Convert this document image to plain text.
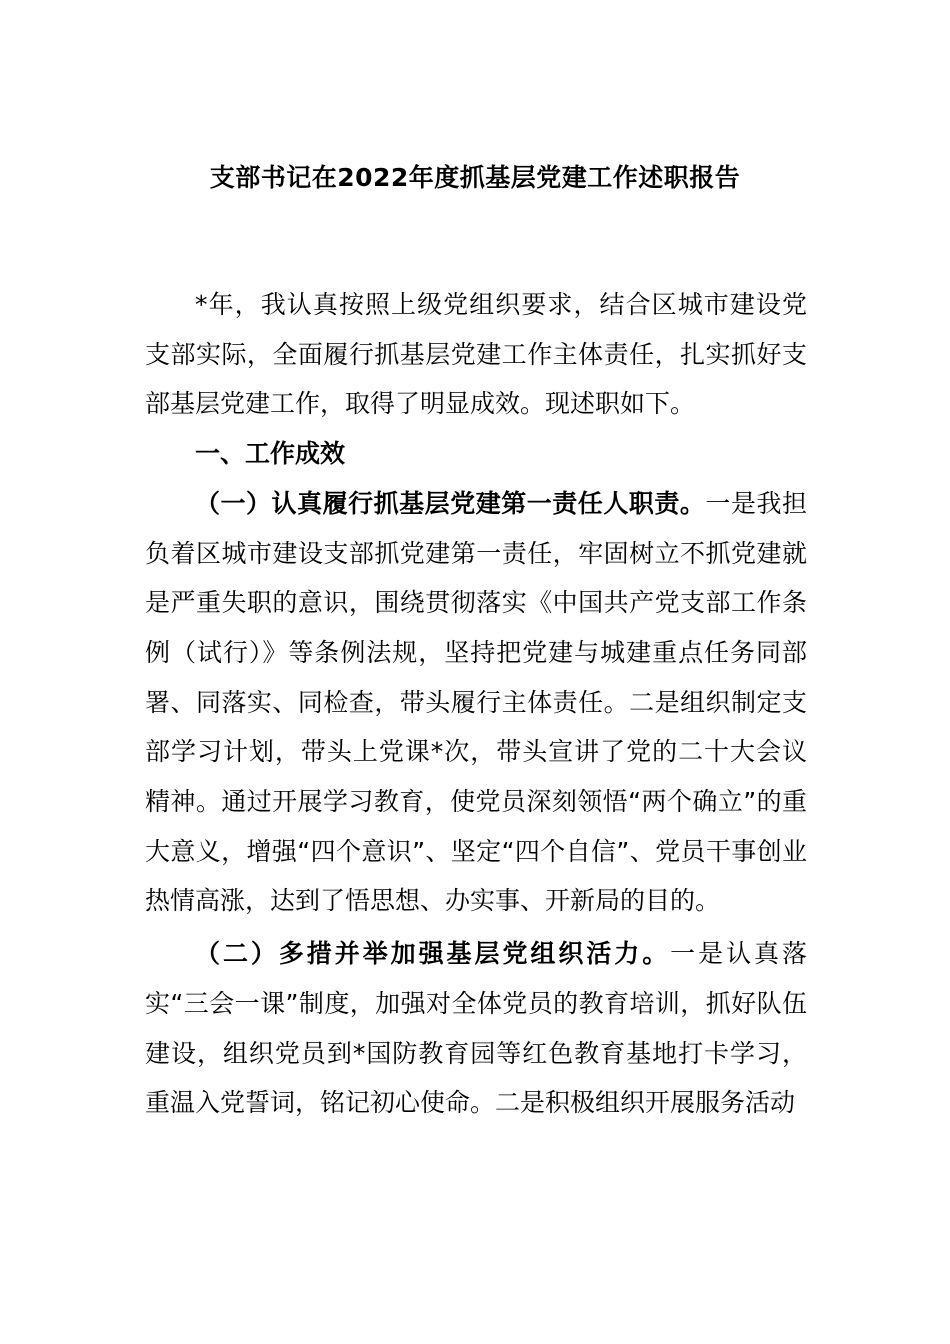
支部书记在2022年度抓基层党建工作述职报告

*年，我认真按照上级党组织要求，结合区城市建设党支部实际，全面履行抓基层党建工作主体责任，扎实抓好支部基层党建工作，取得了明显成效。现述职如下。

一、工作成效

（一）认真履行抓基层党建第一责任人职责。一是我担负着区城市建设支部抓党建第一责任，牢固树立不抓党建就是严重失职的意识，围绕贯彻落实《中国共产党支部工作条例（试行）》等条例法规，坚持把党建与城建重点任务同部署、同落实、同检查，带头履行主体责任。二是组织制定支部学习计划，带头上党课*次，带头宣讲了党的二十大会议精神。通过开展学习教育，使党员深刻领悟“两个确立”的重大意义，增强“四个意识”、坚定“四个自信”、党员干事创业热情高涨，达到了悟思想、办实事、开新局的目的。

（二）多措并举加强基层党组织活力。一是认真落实“三会一课”制度，加强对全体党员的教育培训，抓好队伍建设，组织党员到*国防教育园等红色教育基地打卡学习，重温入党誓词，铭记初心使命。二是积极组织开展服务活动
